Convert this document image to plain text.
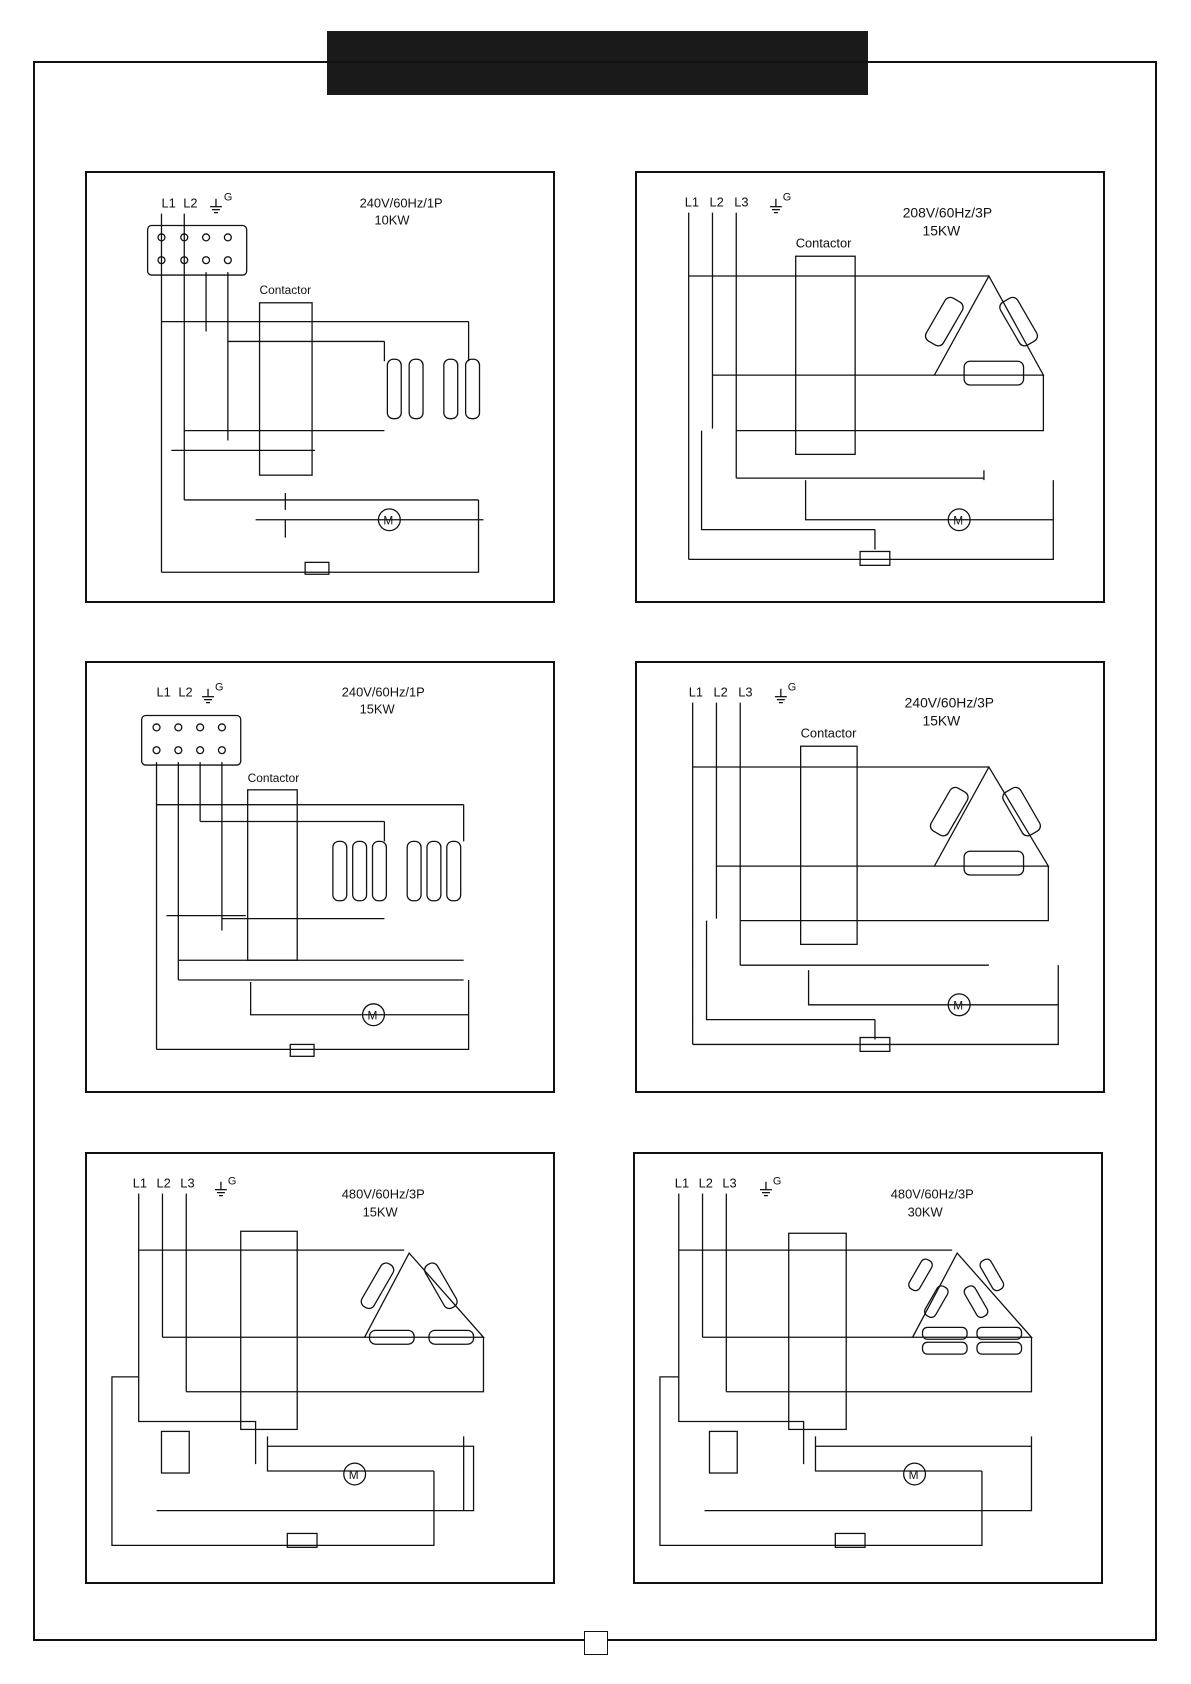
L1 L2 G	240V/60Hz/1P
10KW
Contactor
M
L1 L2 L3	G
208V/60Hz/3P
15KW
Contactor
M
L1 L2 G	240V/60Hz/1P
15KW
Contactor
M
L1 L2 L3	G
240V/60Hz/3P
15KW
Contactor
M
L1 L2 L3	G
480V/60Hz/3P
15KW
M
L1 L2 L3	G
480V/60Hz/3P
30KW
M
